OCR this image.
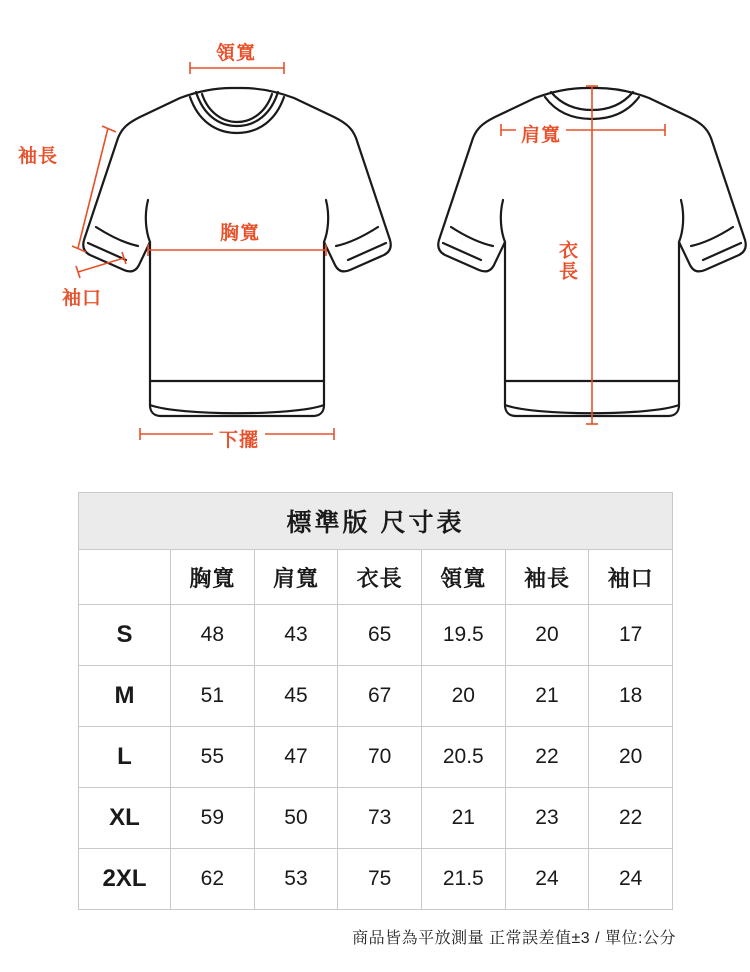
領寬
袖長
胸寬
袖口
下擺
肩寬
衣長
標準版 尺寸表						
	胸寬	肩寬	衣長	領寬	袖長	袖口
S	48	43	65	19.5	20	17
M	51	45	67	20	21	18
L	55	47	70	20.5	22	20
XL	59	50	73	21	23	22
2XL	62	53	75	21.5	24	24
商品皆為平放測量 正常誤差值±3 / 單位:公分
